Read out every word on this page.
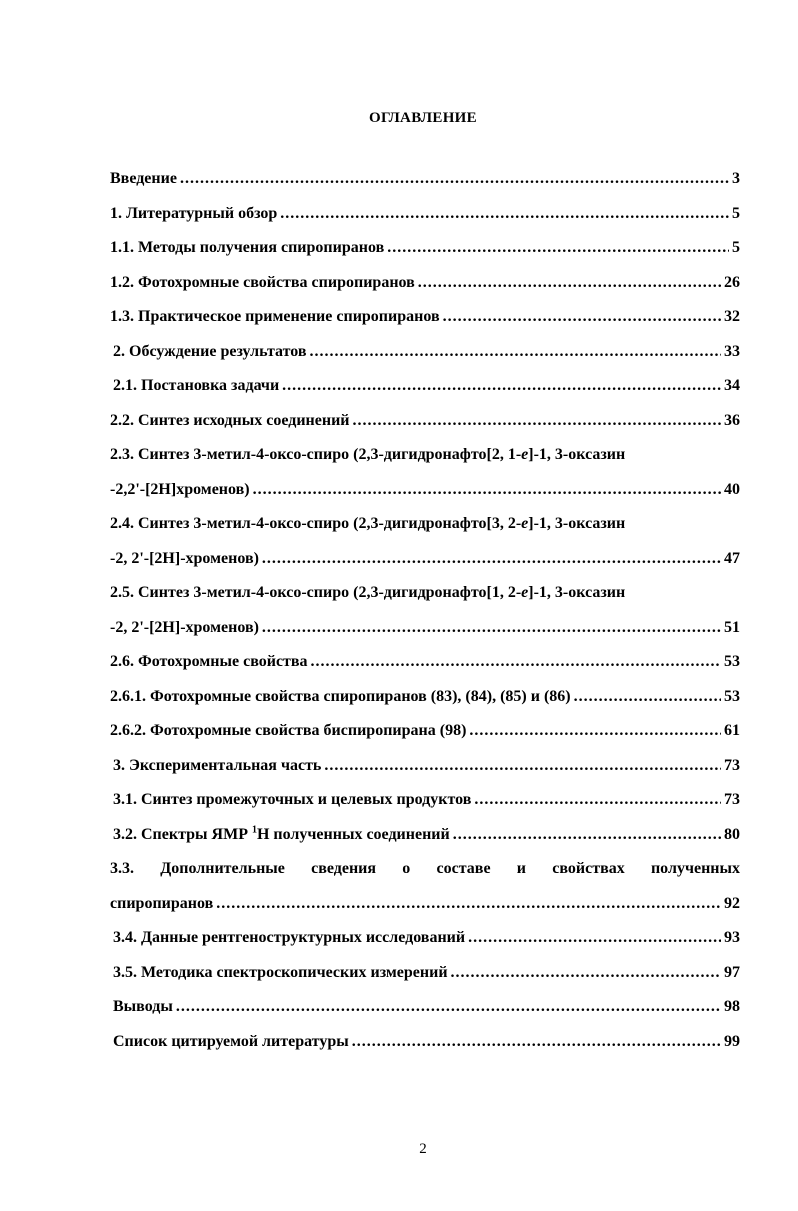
ОГЛАВЛЕНИЕ
Введение .....	3
1. Литературный обзор .....	5
1.1. Методы получения спиропиранов .....	5
1.2. Фотохромные свойства спиропиранов .....	26
1.3. Практическое применение спиропиранов .....	32
2. Обсуждение результатов .....	33
2.1. Постановка задачи .....	34
2.2. Синтез исходных соединений .....	36
2.3. Синтез 3-метил-4-оксо-спиро (2,3-дигидронафто[2, 1-е]-1, 3-оксазин
-2,2'-[2H]хроменов) .....	40
2.4. Синтез 3-метил-4-оксо-спиро (2,3-дигидронафто[3, 2-е]-1, 3-оксазин
-2, 2'-[2H]-хроменов) .....	47
2.5. Синтез 3-метил-4-оксо-спиро (2,3-дигидронафто[1, 2-е]-1, 3-оксазин
-2, 2'-[2H]-хроменов) .....	51
2.6. Фотохромные свойства .....	53
2.6.1. Фотохромные свойства спиропиранов (83), (84), (85) и (86) .....	53
2.6.2. Фотохромные свойства биспиропирана (98) .....	61
3. Экспериментальная часть .....	73
3.1. Синтез промежуточных и целевых продуктов .....	73
3.2. Спектры ЯМР $^1$Н полученных соединений .....	80
3.3. Дополнительные сведения о составе и свойствах полученных
спиропиранов .....	92
3.4. Данные рентгеноструктурных исследований .....	93
3.5. Методика спектроскопических измерений .....	97
Выводы .....	98
Список цитируемой литературы .....	99
2
